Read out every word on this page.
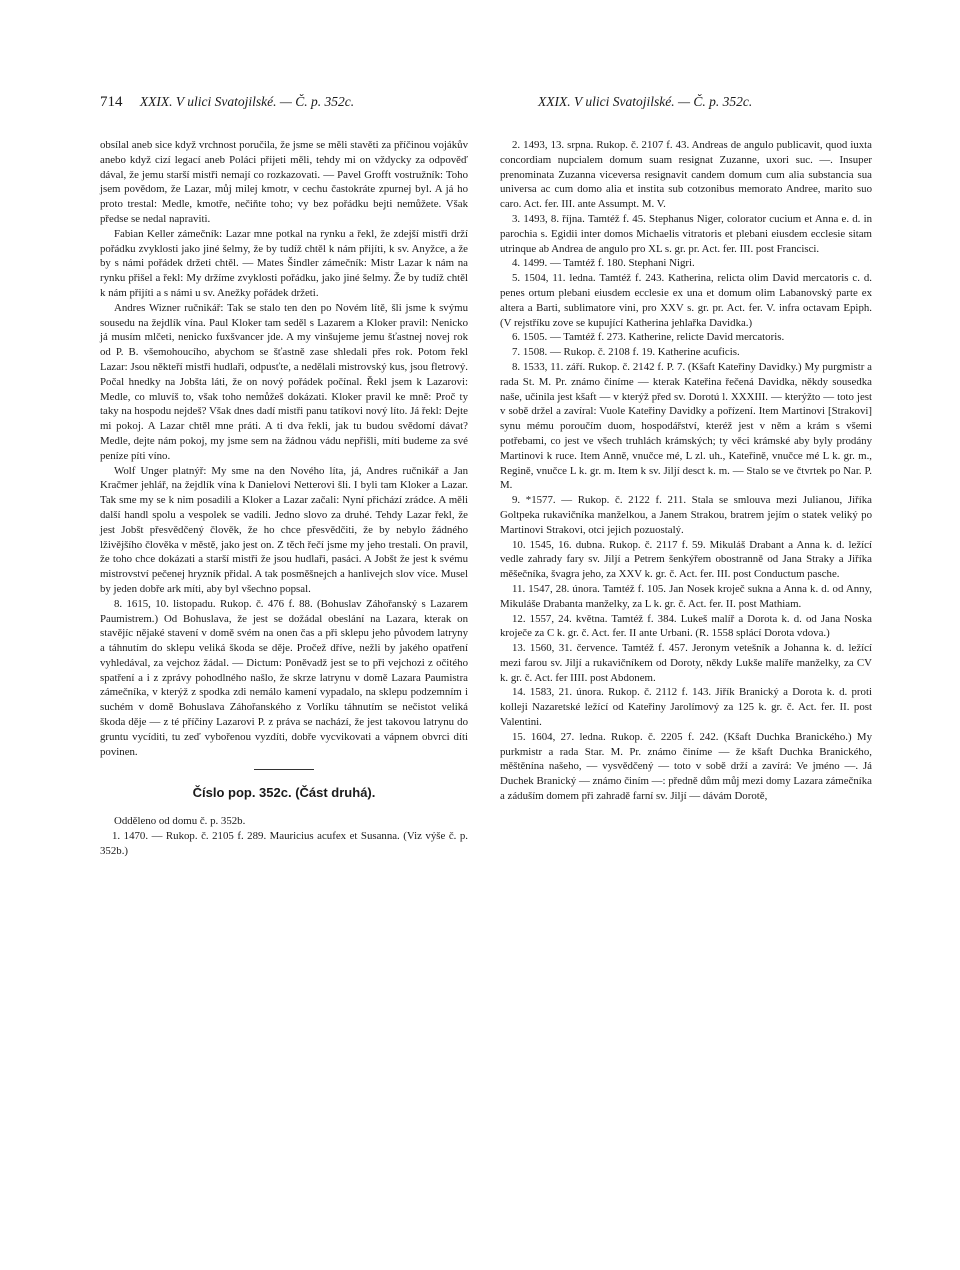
714 XXIX. V ulici Svatojilské. — Č. p. 352c.	XXIX. V ulici Svatojilské. — Č. p. 352c.

obsílal aneb sice když vrchnost poručila, že jsme se měli stavěti za příčinou vojákův anebo když cizí legací aneb Poláci přijeti měli, tehdy mi on vždycky za odpověď dával, že jemu starší mistři nemají co rozkazovati. — Pavel Grofft vostružník: Toho jsem povědom, že Lazar, můj milej kmotr, v cechu častokráte zpurnej byl. A já ho proto trestal: Medle, kmotře, nečiňte toho; vy bez pořádku bejti nemůžete. Však předse se nedal napraviti.

Fabian Keller zámečník: Lazar mne potkal na rynku a řekl, že zdejší mistři drží pořádku zvyklosti jako jiné šelmy, že by tudíž chtěl k nám přijíti, k sv. Anyžce, a že by s námi pořádek držeti chtěl. — Mates Šindler zámečník: Mistr Lazar k nám na rynku přišel a řekl: My držíme zvyklosti pořádku, jako jiné šelmy. Že by tudíž chtěl k nám přijíti a s námi u sv. Anežky pořádek držeti.

Andres Wizner ručnikář: Tak se stalo ten den po Novém lítě, šli jsme k svýmu sousedu na žejdlík vína. Paul Kloker tam seděl s Lazarem a Kloker pravil: Nenicko já musím mlčeti, nenicko fuxšvancer jde. A my vinšujeme jemu šťastnej novej rok od P. B. všemohoucího, abychom se šťastně zase shledali přes rok. Potom řekl Lazar: Jsou někteří mistři hudlaři, odpusťte, a nedělali mistrovský kus, jsou fletrový. Počal hnedky na Jobšta láti, že on nový pořádek počínal. Řekl jsem k Lazarovi: Medle, co mluvíš to, však toho nemůžeš dokázati. Kloker pravil ke mně: Proč ty taky na hospodu nejdeš? Však dnes dadí mistři panu tatíkovi nový líto. Já řekl: Dejte mi pokoj. A Lazar chtěl mne práti. A ti dva řekli, jak tu budou svědomí dávat? Medle, dejte nám pokoj, my jsme sem na žádnou vádu nepřišli, míti budeme za své peníze píti víno.

Wolf Unger platnýř: My sme na den Nového líta, já, Andres ručnikář a Jan Kračmer jehlář, na žejdlík vína k Danielovi Netterovi šli. I byli tam Kloker a Lazar. Tak sme my se k nim posadili a Kloker a Lazar začali: Nyní přichází zrádce. A měli další handl spolu a vespolek se vadili. Jedno slovo za druhé. Tehdy Lazar řekl, že jest Jobšt přesvědčený člověk, že ho chce přesvědčiti, že by nebylo žádného lživějšího člověka v městě, jako jest on. Z těch řečí jsme my jeho trestali. On pravil, že toho chce dokázati a starší mistři že jsou hudlaři, pasáci. A Jobšt že jest k svému mistrovství pečenej hryzník přidal. A tak posměšnejch a hanlivejch slov více. Musel by jeden dobře ark míti, aby byl všechno popsal.

8. 1615, 10. listopadu. Rukop. č. 476 f. 88. (Bohuslav Záhořanský s Lazarem Paumistrem.) Od Bohuslava, že jest se dožádal obeslání na Lazara, kterak on stavějíc nějaké stavení v domě svém na onen čas a při sklepu jeho původem latryny a táhnutím do sklepu veliká škoda se děje. Pročež dříve, nežli by jakého opatření vyhledával, za vejchoz žádal. — Dictum: Poněvadž jest se to při vejchozi z očitého spatření a i z zprávy pohodlného našlo, že skrze latrynu v domě Lazara Paumistra zámečníka, v kterýž z spodka zdi nemálo kamení vypadalo, na sklepu podzemním i suchém v domě Bohuslava Záhořanského z Vorlíku táhnutím se nečistot veliká škoda děje — z té příčiny Lazarovi P. z práva se nachází, že jest takovou latrynu do gruntu vycíditi, tu zeď vybořenou vyzdíti, dobře vycvikovati a vápnem obvrci díti povinen.

Číslo pop. 352c. (Část druhá).

Odděleno od domu č. p. 352b.

1. 1470. — Rukop. č. 2105 f. 289. Mauricius acufex et Susanna. (Viz výše č. p. 352b.)

2. 1493, 13. srpna. Rukop. č. 2107 f. 43. Andreas de angulo publicavit, quod iuxta concordiam nupcialem domum suam resignat Zuzanne, uxori suc. —. Insuper prenominata Zuzanna viceversa resignavit candem domum cum alia substancia sua universa ac cum domo alia et instita sub cotzonibus memorato Andree, marito suo caro. Act. fer. III. ante Assumpt. M. V.

3. 1493, 8. října. Tamtéž f. 45. Stephanus Niger, colorator cucium et Anna e. d. in parochia s. Egidii inter domos Michaelis vitratoris et plebani eiusdem ecclesie sitam utrinque ab Andrea de angulo pro XL s. gr. pr. Act. fer. III. post Francisci.

4. 1499. — Tamtéž f. 180. Stephani Nigri.

5. 1504, 11. ledna. Tamtéž f. 243. Katherina, relicta olim David mercatoris c. d. penes ortum plebani eiusdem ecclesie ex una et domum olim Labanovský parte ex altera a Barti, sublimatore vini, pro XXV s. gr. pr. Act. fer. V. infra octavam Epiph. (V rejstříku zove se kupující Katherina jehlařka Davidka.)

6. 1505. — Tamtéž f. 273. Katherine, relicte David mercatoris.

7. 1508. — Rukop. č. 2108 f. 19. Katherine acuficis.

8. 1533, 11. září. Rukop. č. 2142 f. P. 7. (Kšaft Kateřiny Davidky.) My purgmistr a rada St. M. Pr. známo činíme — kterak Kateřina řečená Davidka, někdy sousedka naše, učinila jest kšaft — v kterýž před sv. Dorotú l. XXXIII. — kterýžto — toto jest v sobě držel a zavíral: Vuole Kateřiny Davidky a pořízení. Item Martinovi [Strakovi] synu mému poroučím duom, hospodářství, kteréž jest v něm a krám s všemi potřebami, co jest ve všech truhlách krámských; ty věci krámské aby byly prodány Martinovi k ruce. Item Anně, vnučce mé, L zl. uh., Kateřině, vnučce mé L k. gr. m., Regině, vnučce L k. gr. m. Item k sv. Jiljí desct k. m. — Stalo se ve čtvrtek po Nar. P. M.

9. *1577. — Rukop. č. 2122 f. 211. Stala se smlouva mezi Julianou, Jiříka Goltpeka rukavičníka manželkou, a Janem Strakou, bratrem jejím o statek veliký po Martinovi Strakovi, otci jejich pozuostalý.

10. 1545, 16. dubna. Rukop. č. 2117 f. 59. Mikuláš Drabant a Anna k. d. ležící vedle zahrady fary sv. Jiljí a Petrem šenkýřem obostranně od Jana Straky a Jiříka měšečníka, švagra jeho, za XXV k. gr. č. Act. fer. III. post Conductum pasche.

11. 1547, 28. února. Tamtéž f. 105. Jan Nosek kroječ sukna a Anna k. d. od Anny, Mikuláše Drabanta manželky, za L k. gr. č. Act. fer. II. post Mathiam.

12. 1557, 24. května. Tamtéž f. 384. Lukeš malíř a Dorota k. d. od Jana Noska kroječe za C k. gr. č. Act. fer. II ante Urbani. (R. 1558 splácí Dorota vdova.)

13. 1560, 31. července. Tamtéž f. 457. Jeronym vetešník a Johanna k. d. ležící mezi farou sv. Jiljí a rukavičníkem od Doroty, někdy Lukše malíře manželky, za CV k. gr. č. Act. fer IIII. post Abdonem.

14. 1583, 21. února. Rukop. č. 2112 f. 143. Jiřík Branický a Dorota k. d. proti kolleji Nazaretské ležící od Kateřiny Jarolímový za 125 k. gr. č. Act. fer. II. post Valentini.

15. 1604, 27. ledna. Rukop. č. 2205 f. 242. (Kšaft Duchka Branického.) My purkmistr a rada Star. M. Pr. známo činíme — že kšaft Duchka Branického, měštěnína našeho, — vysvědčený — toto v sobě drží a zavírá: Ve jméno —. Já Duchek Branický — známo činím —: předně dům můj mezi domy Lazara zámečníka a záduším domem při zahradě farní sv. Jiljí — dávám Dorotě,
